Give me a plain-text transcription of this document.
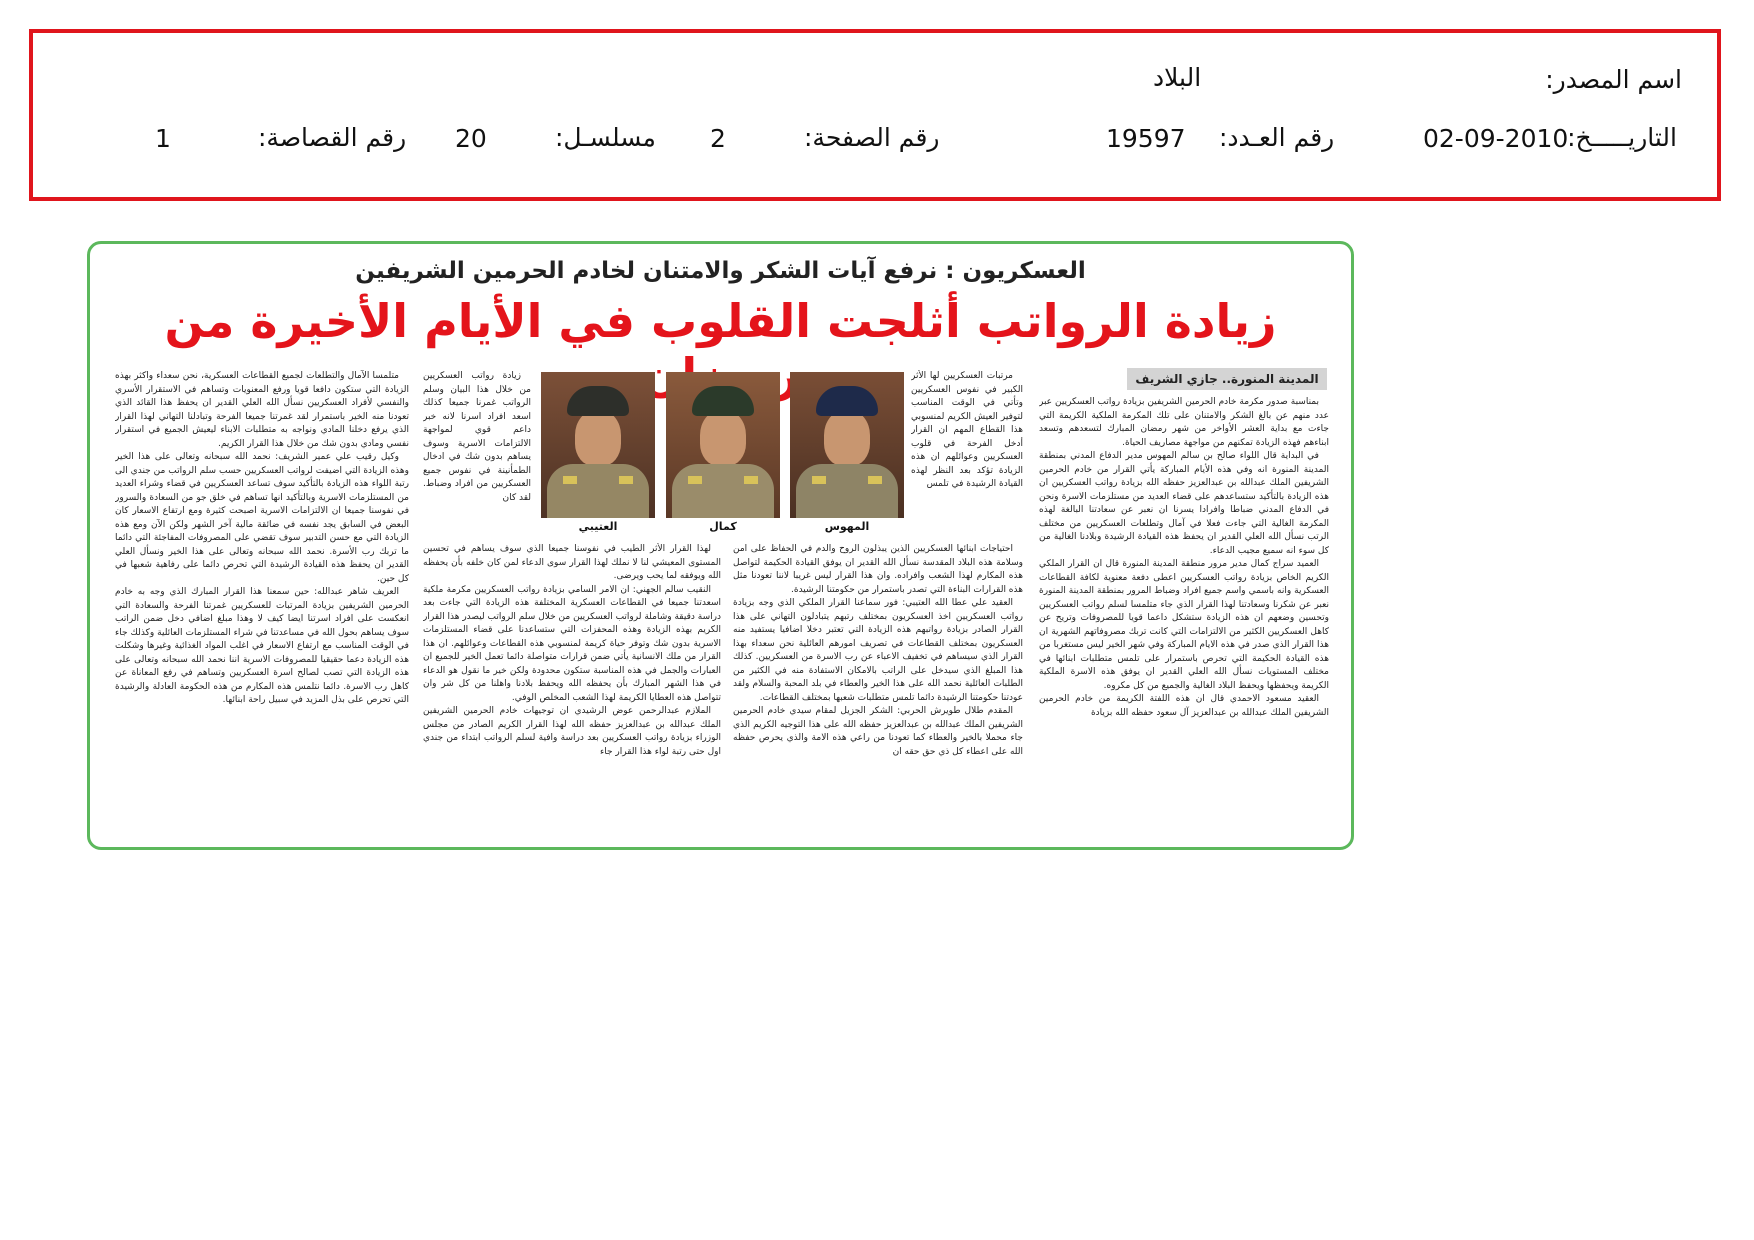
اسم المصدر:
البلاد
التاريـــــخ:
02-09-2010
رقم العـدد:
19597
رقم الصفحة:
2
مسلسـل:
20
رقم القصاصة:
1
العسكريون : نرفع آيات الشكر والامتنان لخادم الحرمين الشريفين
زيادة الرواتب أثلجت القلوب في الأيام الأخيرة من
المدينة المنورة.. جازي الشريف

بمناسبة صدور مكرمة خادم الحرمين الشريفين بزيادة رواتب العسكريين عبر عدد منهم عن بالغ الشكر والامتنان على تلك المكرمة الملكية الكريمة التي جاءت مع بداية العشر الأواخر من شهر رمضان المبارك لتسعدهم وتسعد ابناءهم فهذه الزيادة تمكنهم من مواجهة مصاريف الحياة.

في البداية قال اللواء صالح بن سالم المهوس مدير الدفاع المدني بمنطقة المدينة المنورة انه وفي هذه الأيام المباركة يأتي القرار من خادم الحرمين الشريفين الملك عبدالله بن عبدالعزيز حفظه الله بزيادة رواتب العسكريين ان هذه الزيادة بالتأكيد ستساعدهم على قضاء العديد من مستلزمات الاسرة ونحن في الدفاع المدني ضباطا وافرادا يسرنا ان نعبر عن سعادتنا البالغة لهذه المكرمة الغالية التي جاءت فعلا في آمال وتطلعات العسكريين من مختلف الرتب نسأل الله العلي القدير ان يحفظ هذه القيادة الرشيدة وبلادنا الغالية من كل سوء انه سميع مجيب الدعاء.

العميد سراج كمال مدير مرور منطقة المدينة المنورة قال ان القرار الملكي الكريم الخاص بزيادة رواتب العسكريين اعطى دفعة معنوية لكافة القطاعات العسكرية وانه باسمي واسم جميع افراد وضباط المرور بمنطقة المدينة المنورة نعبر عن شكرنا وسعادتنا لهذا القرار الذي جاء متلمسا لسلم رواتب العسكريين وتحسين وضعهم ان هذه الزيادة ستشكل داعما قويا للمصروفات وتريح عن كاهل العسكريين الكثير من الالتزامات التي كانت تربك مصروفاتهم الشهرية ان هذا القرار الذي صدر في هذه الايام المباركة وفي شهر الخير ليس مستغربا من هذه القيادة الحكيمة التي تحرص باستمرار على تلمس متطلبات ابنائها في مختلف المستويات نسأل الله العلي القدير ان يوفق هذه الاسرة الملكية الكريمة ويحفظها ويحفظ البلاد الغالية والجميع من كل مكروه.

العقيد مسعود الاحمدي قال ان هذه اللفتة الكريمة من خادم الحرمين الشريفين الملك عبدالله بن عبدالعزيز آل سعود حفظه الله بزيادة

مرتبات العسكريين لها الأثر الكبير في نفوس العسكريين وتأتي في الوقت المناسب لتوفير العيش الكريم لمنسوبي هذا القطاع المهم ان القرار أدخل الفرحة في قلوب العسكريين وعوائلهم ان هذه الزيادة تؤكد بعد النظر لهذه القيادة الرشيدة في تلمس

احتياجات ابنائها العسكريين الذين يبذلون الروح والدم في الحفاظ على امن وسلامة هذه البلاد المقدسة نسأل الله القدير ان يوفق القيادة الحكيمة لتواصل هذه المكارم لهذا الشعب وافراده. وان هذا القرار ليس غريبا لاننا تعودنا مثل هذه القرارات البناءة التي تصدر باستمرار من حكومتنا الرشيدة.

العقيد علي عطا الله العتيبي: فور سماعنا القرار الملكي الذي وجه بزيادة رواتب العسكريين اخذ العسكريون بمختلف رتبهم يتبادلون التهاني على هذا القرار الصادر بزيادة رواتبهم هذه الزيادة التي تعتبر دخلا اضافيا يستفيد منه العسكريون بمختلف القطاعات في تصريف امورهم العائلية نحن سعداء بهذا القرار الذي سيساهم في تخفيف الاعباء عن رب الاسرة من العسكريين. كذلك هذا المبلغ الذي سيدخل على الراتب بالامكان الاستفادة منه في الكثير من الطلبات العائلية نحمد الله على هذا الخير والعطاء في بلد المحبة والسلام ولقد عودتنا حكومتنا الرشيدة دائما تلمس متطلبات شعبها بمختلف القطاعات.

المقدم طلال طويرش الحربي: الشكر الجزيل لمقام سيدي خادم الحرمين الشريفين الملك عبدالله بن عبدالعزيز حفظه الله على هذا التوجيه الكريم الذي جاء محملا بالخير والعطاء كما تعودنا من راعي هذه الامة والذي يحرص حفظه الله على اعطاء كل ذي حق حقه ان

المهوس
كمال
العتيبي

زيادة رواتب العسكريين من خلال هذا البيان وسلم الرواتب غمرنا جميعا كذلك اسعد افراد اسرنا لانه خبر داعم قوي لمواجهة الالتزامات الاسرية وسوف يساهم بدون شك في ادخال الطمأنينة في نفوس جميع العسكريين من افراد وضباط. لقد كان

لهذا القرار الأثر الطيب في نفوسنا جميعا الذي سوف يساهم في تحسين المستوى المعيشي لنا لا نملك لهذا القرار سوى الدعاء لمن كان خلفه بأن يحفظه الله ويوفقه لما يحب ويرضى.

النقيب سالم الجهني: ان الامر السامي بزيادة رواتب العسكريين مكرمة ملكية اسعدتنا جميعا في القطاعات العسكرية المختلفة هذه الزيادة التي جاءت بعد دراسة دقيقة وشاملة لرواتب العسكريين من خلال سلم الرواتب ليصدر هذا القرار الكريم بهذه الزيادة وهذه المحفزات التي ستساعدنا على قضاء المستلزمات الاسرية بدون شك وتوفر حياة كريمة لمنسوبي هذه القطاعات وعوائلهم. ان هذا القرار من ملك الانسانية يأتي ضمن قرارات متواصلة دائما تعمل الخير للجميع ان العبارات والجمل في هذه المناسبة ستكون محدودة ولكن خير ما نقول هو الدعاء في هذا الشهر المبارك بأن يحفظه الله ويحفظ بلادنا واهلنا من كل شر وان تتواصل هذه العطايا الكريمة لهذا الشعب المخلص الوفي.

الملازم عبدالرحمن عوض الرشيدي ان توجيهات خادم الحرمين الشريفين الملك عبدالله بن عبدالعزيز حفظه الله لهذا القرار الكريم الصادر من مجلس الوزراء بزيادة رواتب العسكريين بعد دراسة وافية لسلم الرواتب ابتداء من جندي اول حتى رتبة لواء هذا القرار جاء

متلمسا الآمال والتطلعات لجميع القطاعات العسكرية، نحن سعداء واكثر بهذه الزيادة التي ستكون دافعا قويا ورفع المعنويات وتساهم في الاستقرار الأسري والنفسي لأفراد العسكريين نسأل الله العلي القدير ان يحفظ هذا القائد الذي تعودنا منه الخير باستمرار لقد غمرتنا جميعا الفرحة وتبادلنا التهاني لهذا القرار الذي يرفع دخلنا المادي ونواجه به متطلبات الابناء ليعيش الجميع في استقرار نفسي ومادي بدون شك من خلال هذا القرار الكريم.

وكيل رقيب علي عمير الشريف: نحمد الله سبحانه وتعالى على هذا الخير وهذه الزيادة التي اضيفت لرواتب العسكريين حسب سلم الرواتب من جندي الى رتبة اللواء هذه الزيادة بالتأكيد سوف تساعد العسكريين في قضاء وشراء العديد من المستلزمات الاسرية وبالتأكيد انها تساهم في خلق جو من السعادة والسرور في نفوسنا جميعا ان الالتزامات الاسرية اصبحت كثيرة ومع ارتفاع الاسعار كان البعض في السابق يجد نفسه في ضائقة مالية آخر الشهر ولكن الآن ومع هذه الزيادة التي مع حسن التدبير سوف تقضي على المصروفات المفاجئة التي دائما ما تربك رب الأسرة. نحمد الله سبحانه وتعالى على هذا الخير ونسأل العلي القدير ان يحفظ هذه القيادة الرشيدة التي تحرص دائما على رفاهية شعبها في كل حين.

العريف شاهر عبدالله: حين سمعنا هذا القرار المبارك الذي وجه به خادم الحرمين الشريفين بزيادة المرتبات للعسكريين غمرتنا الفرحة والسعادة التي انعكست على افراد اسرتنا ايضا كيف لا وهذا مبلغ اضافي دخل ضمن الراتب سوف يساهم بحول الله في مساعدتنا في شراء المستلزمات العائلية وكذلك جاء في الوقت المناسب مع ارتفاع الاسعار في اغلب المواد الغذائية وغيرها وشكلت هذه الزيادة دعما حقيقيا للمصروفات الاسرية اننا نحمد الله سبحانه وتعالى على هذه الزيادة التي تصب لصالح اسرة العسكريين وتساهم في رفع المعاناة عن كاهل رب الاسرة. دائما نتلمس هذه المكارم من هذه الحكومة العادلة والرشيدة التي تحرص على بذل المزيد في سبيل راحة ابنائها.
